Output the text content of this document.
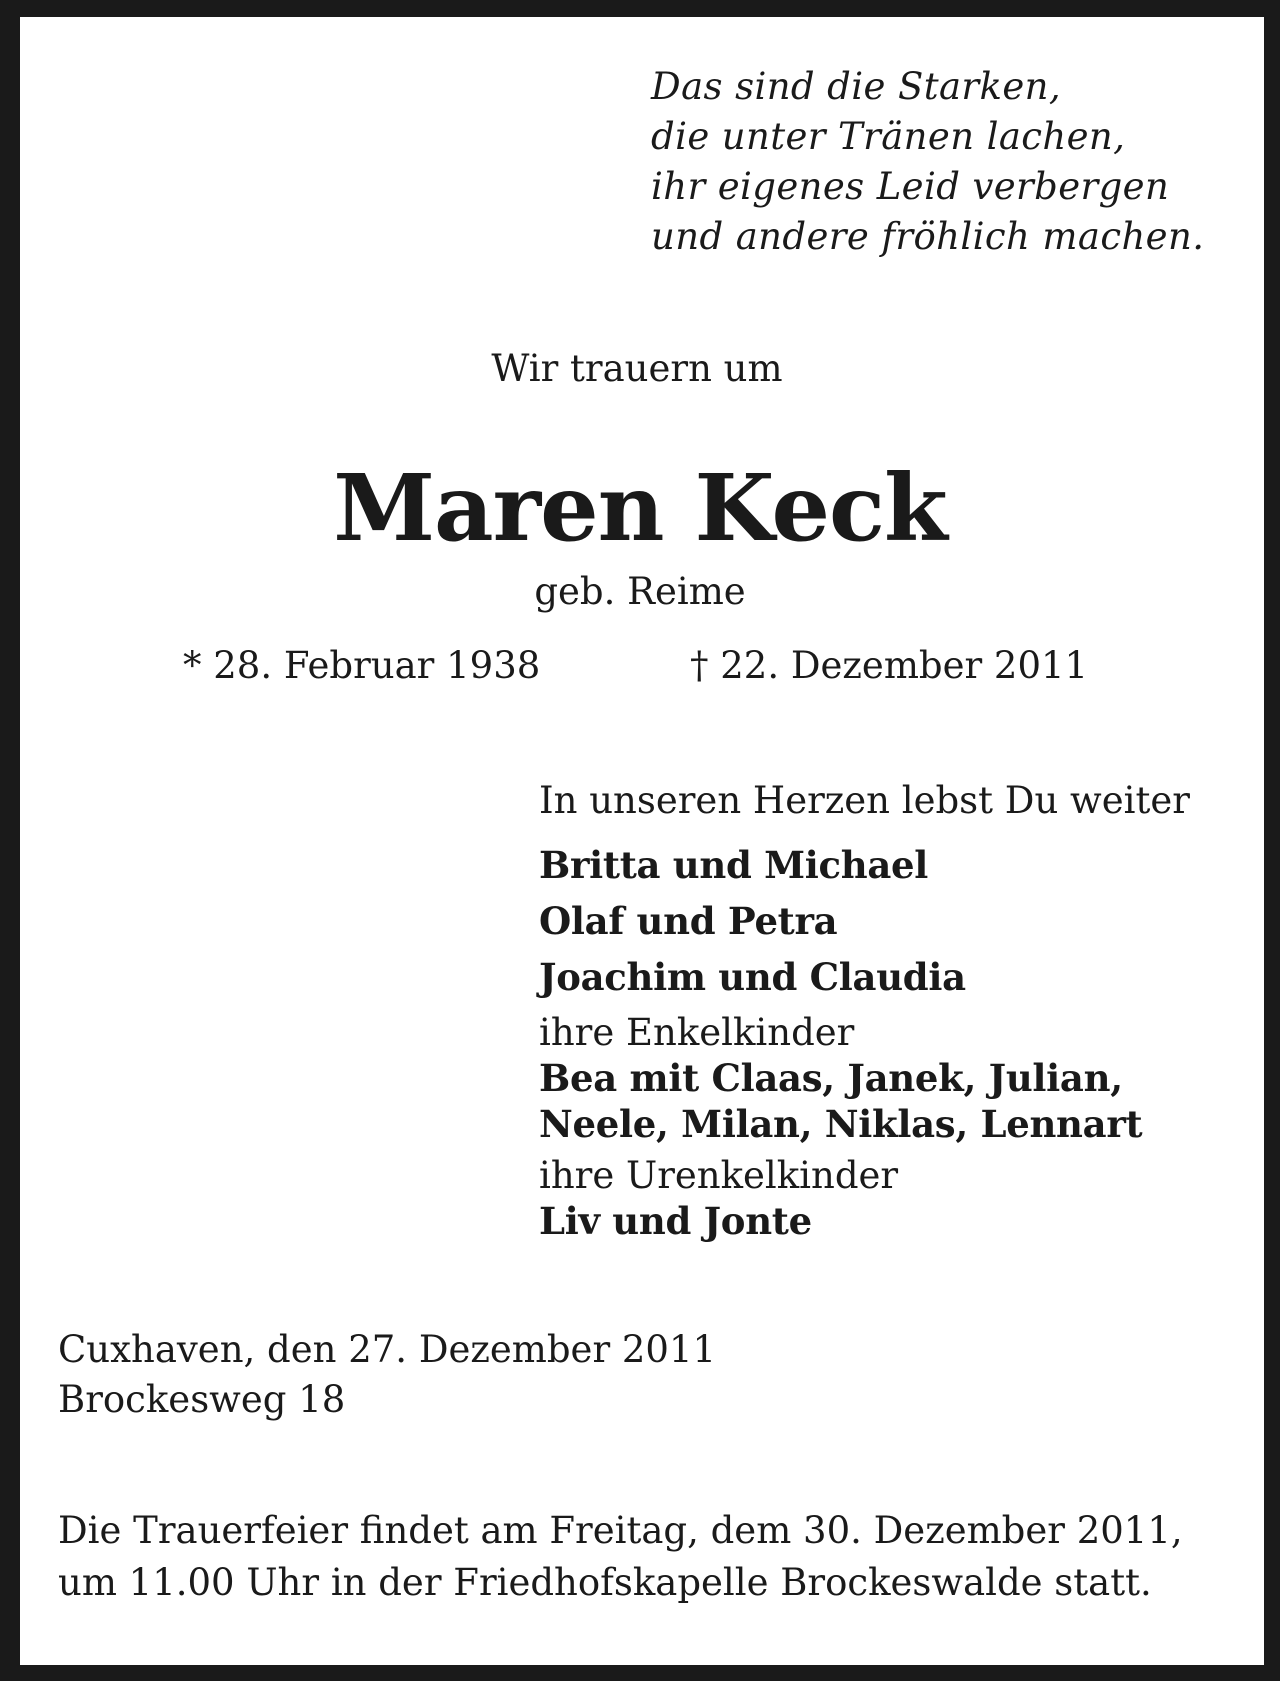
Das sind die Starken,
die unter Tränen lachen,
ihr eigenes Leid verbergen
und andere fröhlich machen.
Wir trauern um
Maren Keck
geb. Reime
* 28. Februar 1938	† 22. Dezember 2011
In unseren Herzen lebst Du weiter
Britta und Michael
Olaf und Petra
Joachim und Claudia
ihre Enkelkinder
Bea mit Claas, Janek, Julian,
Neele, Milan, Niklas, Lennart
ihre Urenkelkinder
Liv und Jonte
Cuxhaven, den 27. Dezember 2011
Brockesweg 18
Die Trauerfeier findet am Freitag, dem 30. Dezember 2011,
um 11.00 Uhr in der Friedhofskapelle Brockeswalde statt.
